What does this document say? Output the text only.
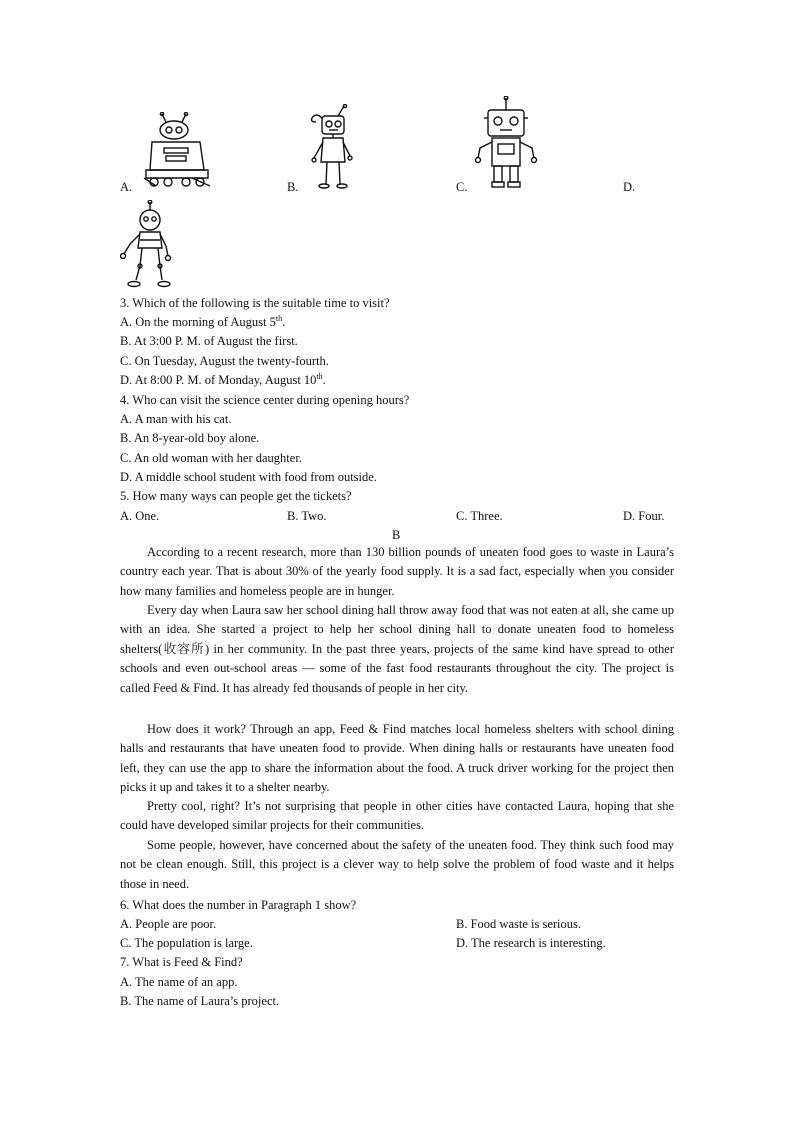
A.	B.	C.	D.
3. Which of the following is the suitable time to visit?
A. On the morning of August 5th.
B. At 3:00 P. M. of August the first.
C. On Tuesday, August the twenty-fourth.
D. At 8:00 P. M. of Monday, August 10th.
4. Who can visit the science center during opening hours?
A. A man with his cat.
B. An 8-year-old boy alone.
C. An old woman with her daughter.
D. A middle school student with food from outside.
5. How many ways can people get the tickets?
A. One.	B. Two.	C. Three.	D. Four.
B
According to a recent research, more than 130 billion pounds of uneaten food goes to waste in Laura’s country each year. That is about 30% of the yearly food supply. It is a sad fact, especially when you consider how many families and homeless people are in hunger.
Every day when Laura saw her school dining hall throw away food that was not eaten at all, she came up with an idea. She started a project to help her school dining hall to donate uneaten food to homeless shelters(收容所) in her community. In the past three years, projects of the same kind have spread to other schools and even out-school areas — some of the fast food restaurants throughout the city. The project is called Feed & Find. It has already fed thousands of people in her city.
How does it work? Through an app, Feed & Find matches local homeless shelters with school dining halls and restaurants that have uneaten food to provide. When dining halls or restaurants have uneaten food left, they can use the app to share the information about the food. A truck driver working for the project then picks it up and takes it to a shelter nearby.
Pretty cool, right? It’s not surprising that people in other cities have contacted Laura, hoping that she could have developed similar projects for their communities.
Some people, however, have concerned about the safety of the uneaten food. They think such food may not be clean enough. Still, this project is a clever way to help solve the problem of food waste and it helps those in need.
6. What does the number in Paragraph 1 show?
A. People are poor.	B. Food waste is serious.
C. The population is large.	D. The research is interesting.
7. What is Feed & Find?
A. The name of an app.
B. The name of Laura’s project.
